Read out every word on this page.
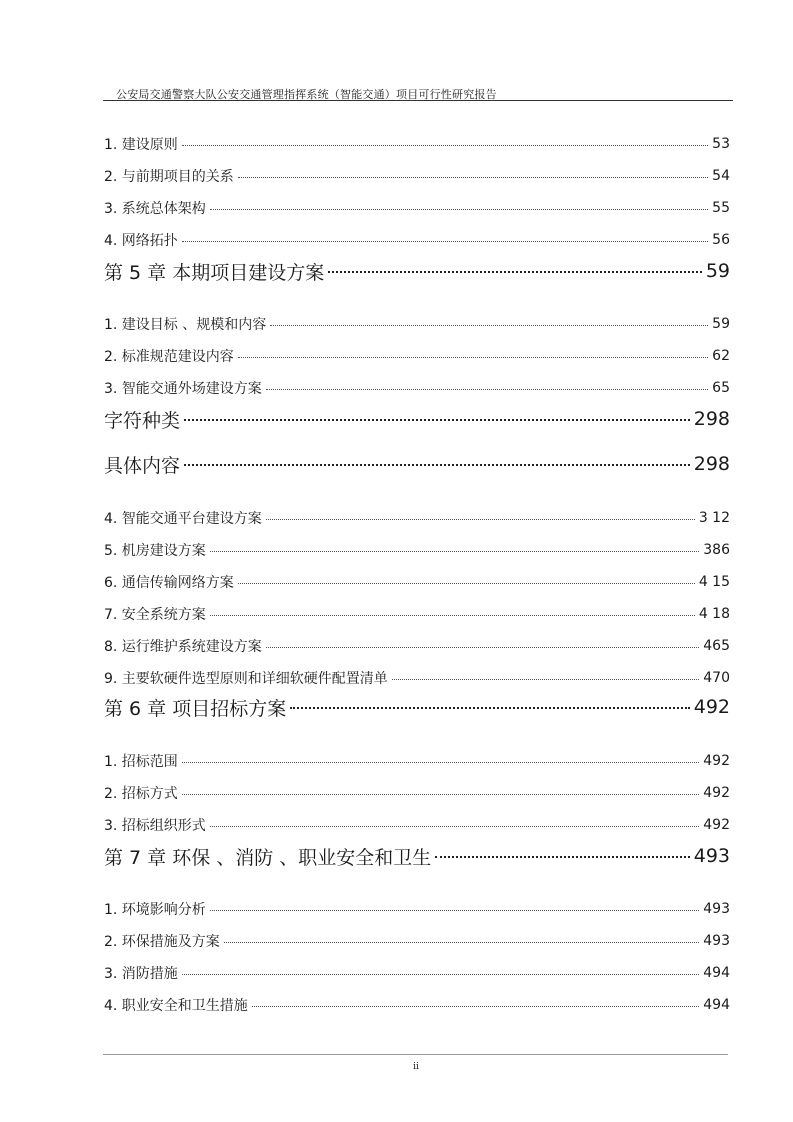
公安局交通警察大队公安交通管理指挥系统（智能交通）项目可行性研究报告
1. 建设原则	53
2. 与前期项目的关系	54
3. 系统总体架构	55
4. 网络拓扑	56
第 5 章 本期项目建设方案	59
1. 建设目标 、规模和内容	59
2. 标准规范建设内容	62
3. 智能交通外场建设方案	65
字符种类	298
具体内容	298
4. 智能交通平台建设方案	3 12
5. 机房建设方案	386
6. 通信传输网络方案	4 15
7. 安全系统方案	4 18
8. 运行维护系统建设方案	465
9. 主要软硬件选型原则和详细软硬件配置清单	470
第 6 章 项目招标方案	492
1. 招标范围	492
2. 招标方式	492
3. 招标组织形式	492
第 7 章 环保 、消防 、职业安全和卫生	493
1. 环境影响分析	493
2. 环保措施及方案	493
3. 消防措施	494
4. 职业安全和卫生措施	494
ii
